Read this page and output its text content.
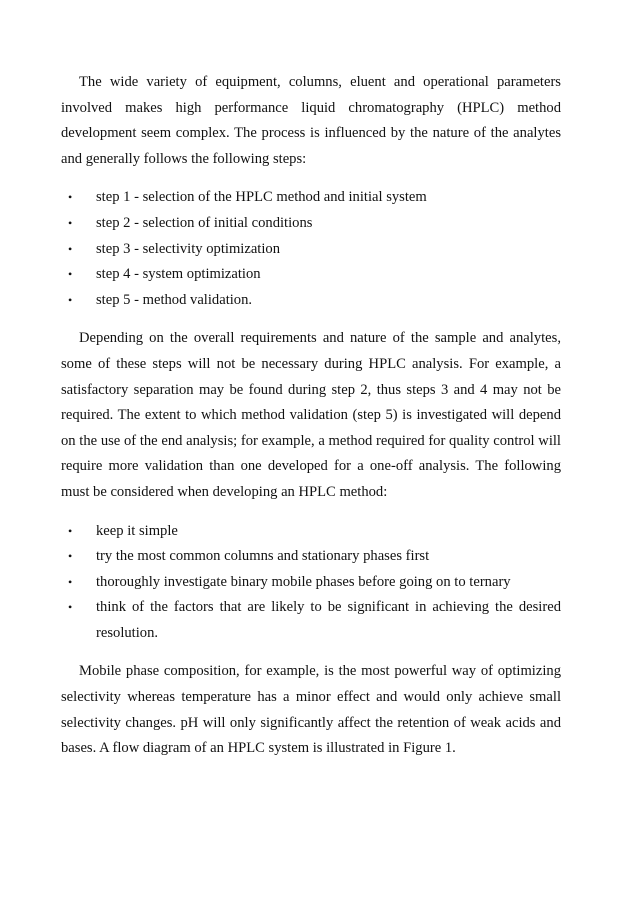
The wide variety of equipment, columns, eluent and operational parameters involved makes high performance liquid chromatography (HPLC) method development seem complex. The process is influenced by the nature of the analytes and generally follows the following steps:

• step 1 - selection of the HPLC method and initial system
• step 2 - selection of initial conditions
• step 3 - selectivity optimization
• step 4 - system optimization
• step 5 - method validation.

Depending on the overall requirements and nature of the sample and analytes, some of these steps will not be necessary during HPLC analysis. For example, a satisfactory separation may be found during step 2, thus steps 3 and 4 may not be required. The extent to which method validation (step 5) is investigated will depend on the use of the end analysis; for example, a method required for quality control will require more validation than one developed for a one-off analysis. The following must be considered when developing an HPLC method:

• keep it simple
• try the most common columns and stationary phases first
• thoroughly investigate binary mobile phases before going on to ternary
• think of the factors that are likely to be significant in achieving the desired resolution.

Mobile phase composition, for example, is the most powerful way of optimizing selectivity whereas temperature has a minor effect and would only achieve small selectivity changes. pH will only significantly affect the retention of weak acids and bases. A flow diagram of an HPLC system is illustrated in Figure 1.
